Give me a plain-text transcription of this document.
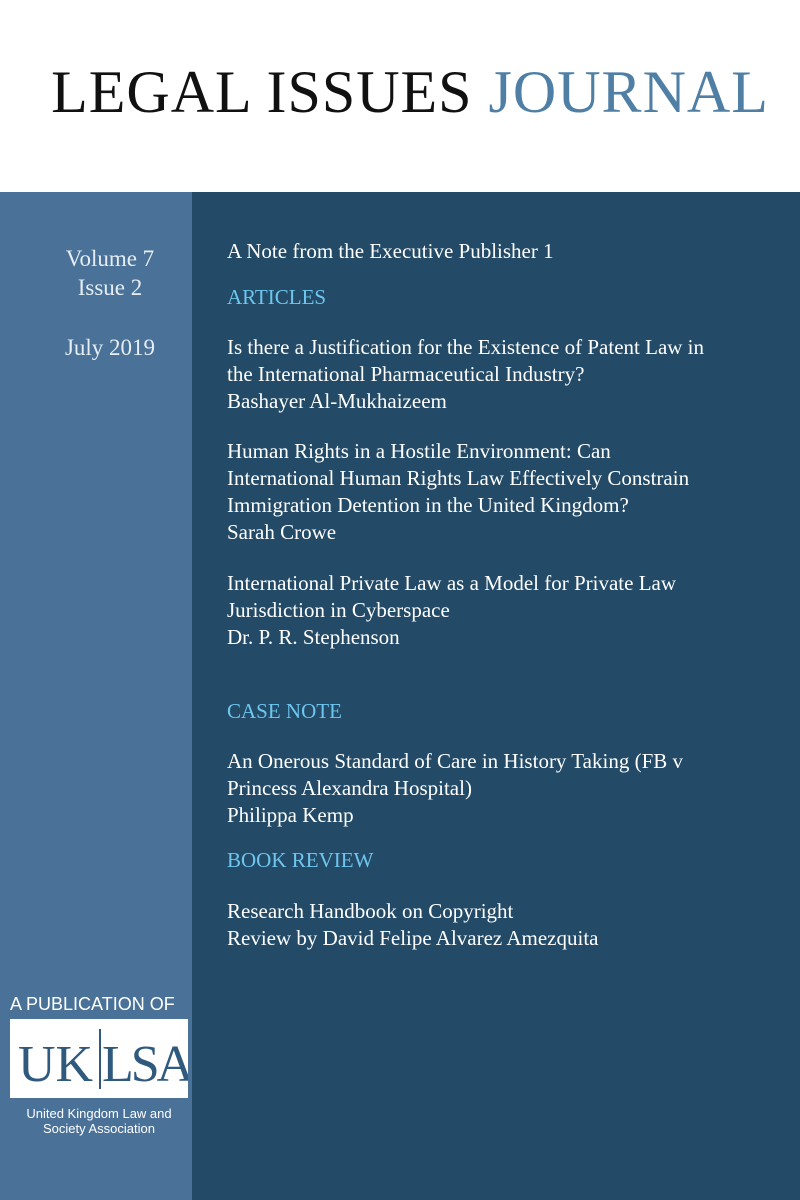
LEGAL ISSUES JOURNAL
Volume 7
Issue 2
July 2019
A Note from the Executive Publisher 1
ARTICLES
Is there a Justification for the Existence of Patent Law in
the International Pharmaceutical Industry?
Bashayer Al-Mukhaizeem
Human Rights in a Hostile Environment: Can
International Human Rights Law Effectively Constrain
Immigration Detention in the United Kingdom?
Sarah Crowe
International Private Law as a Model for Private Law
Jurisdiction in Cyberspace
Dr. P. R. Stephenson
CASE NOTE
An Onerous Standard of Care in History Taking (FB v
Princess Alexandra Hospital)
Philippa Kemp
BOOK REVIEW
Research Handbook on Copyright
Review by David Felipe Alvarez Amezquita
A PUBLICATION OF
UK LSA
United Kingdom Law and
Society Association
